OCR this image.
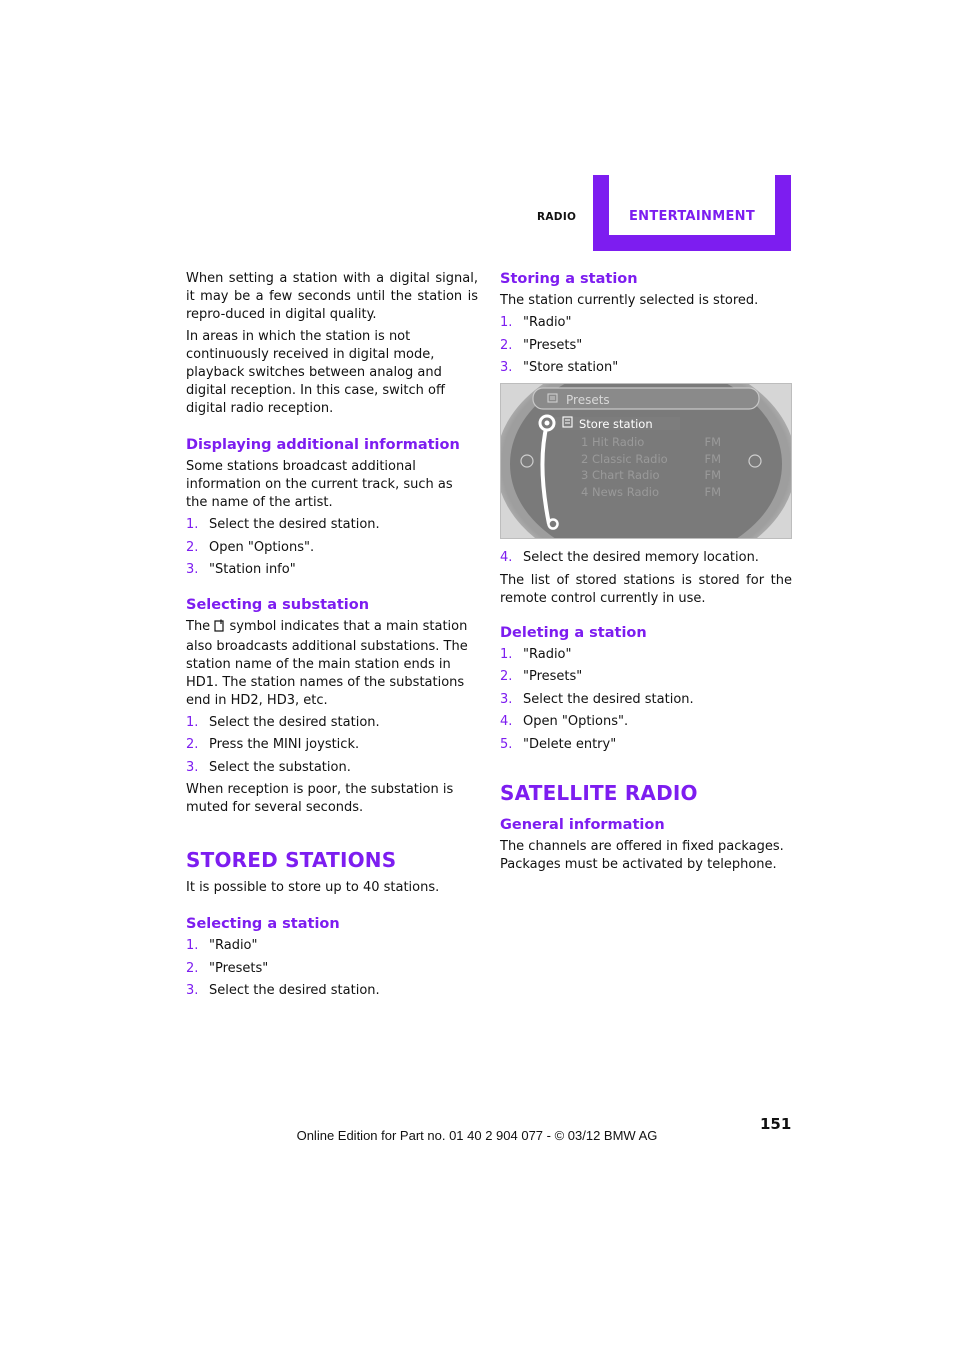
RADIO	ENTERTAINMENT

When setting a station with a digital signal, it may be a few seconds until the station is repro-duced in digital quality.

In areas in which the station is not continuously received in digital mode, playback switches between analog and digital reception. In this case, switch off digital radio reception.

Displaying additional information

Some stations broadcast additional information on the current track, such as the name of the artist.

1. Select the desired station.
2. Open "Options".
3. "Station info"
Selecting a substation

The symbol indicates that a main station also broadcasts additional substations. The station name of the main station ends in HD1. The station names of the substations end in HD2, HD3, etc.

1. Select the desired station.
2. Press the MINI joystick.
3. Select the substation.

When reception is poor, the substation is muted for several seconds.

STORED STATIONS

It is possible to store up to 40 stations.

Selecting a station
1. "Radio"
2. "Presets"
3. Select the desired station.
Storing a station

The station currently selected is stored.

1. "Radio"
2. "Presets"
3. "Store station"
Presets
Store station
1 Hit Radio	FM
2 Classic Radio	FM
3 Chart Radio	FM
4 News Radio	FM
4. Select the desired memory location.

The list of stored stations is stored for the remote control currently in use.

Deleting a station
1. "Radio"
2. "Presets"
3. Select the desired station.
4. Open "Options".
5. "Delete entry"
SATELLITE RADIO
General information

The channels are offered in fixed packages. Packages must be activated by telephone.

151
Online Edition for Part no. 01 40 2 904 077 - © 03/12 BMW AG
